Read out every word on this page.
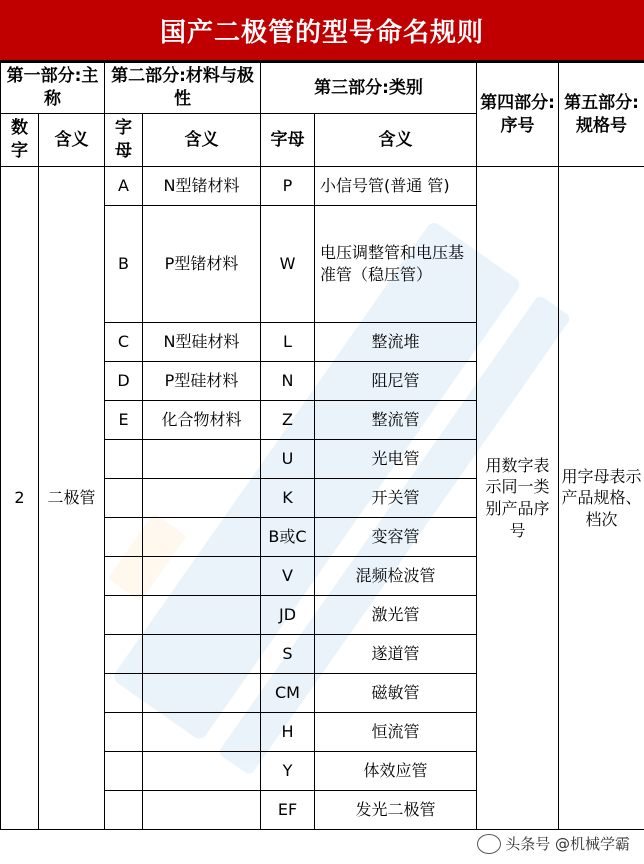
国产二极管的型号命名规则
第一部分:主称		第二部分:材料与极性		第三部分:类别		第四部分:序号	第五部分:规格号
数字	含义	字母	含义	字母	含义		
2	二极管	A	N型锗材料	P	小信号管(普通 管)	用数字表示同一类别产品序号	用字母表示产品规格、档次
		B	P型锗材料	W	电压调整管和电压基准管（稳压管）		
		C	N型硅材料	L	整流堆		
		D	P型硅材料	N	阻尼管		
		E	化合物材料	Z	整流管		
				U	光电管		
				K	开关管		
				B或C	变容管		
				V	混频检波管		
				JD	激光管		
				S	遂道管		
				CM	磁敏管		
				H	恒流管		
				Y	体效应管		
				EF	发光二极管		
头条号 @机械学霸
